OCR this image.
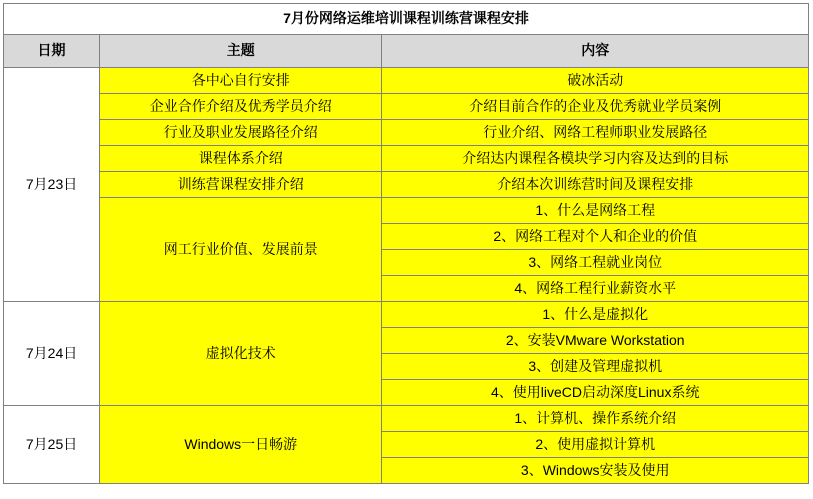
7月份网络运维培训课程训练营课程安排		
日期	主题	内容
7月23日	各中心自行安排	破冰活动
	企业合作介绍及优秀学员介绍	介绍目前合作的企业及优秀就业学员案例
	行业及职业发展路径介绍	行业介绍、网络工程师职业发展路径
	课程体系介绍	介绍达内课程各模块学习内容及达到的目标
	训练营课程安排介绍	介绍本次训练营时间及课程安排
	网工行业价值、发展前景	1、什么是网络工程
		2、网络工程对个人和企业的价值
		3、网络工程就业岗位
		4、网络工程行业薪资水平
7月24日	虚拟化技术	1、什么是虚拟化
		2、安装VMware Workstation
		3、创建及管理虚拟机
		4、使用liveCD启动深度Linux系统
7月25日	Windows一日畅游	1、计算机、操作系统介绍
		2、使用虚拟计算机
		3、Windows安装及使用
